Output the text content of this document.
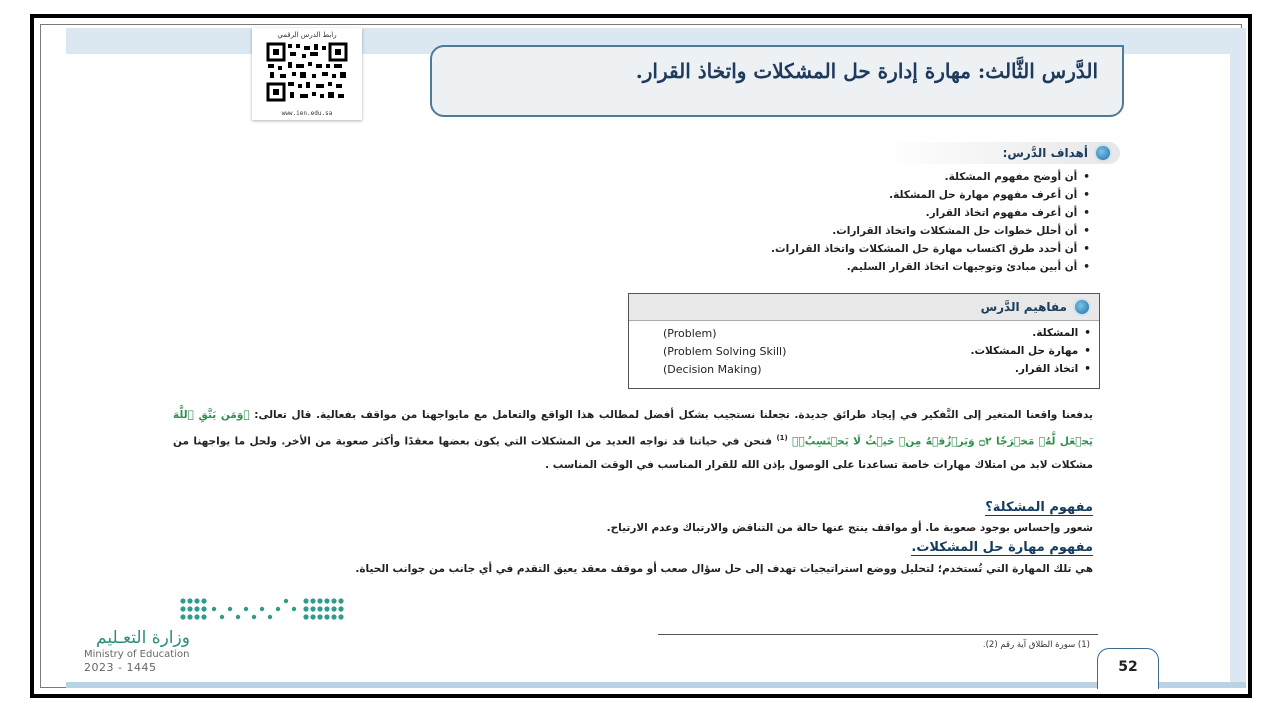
رابط الدرس الرقمي
www.ien.edu.sa
الدَّرس الثَّالث: مهارة إدارة حل المشكلات واتخاذ القرار.
أهداف الدَّرس:
• أن أوضح مفهوم المشكلة.
• أن أعرف مفهوم مهارة حل المشكلة.
• أن أعرف مفهوم اتخاذ القرار.
• أن أحلل خطوات حل المشكلات واتخاذ القرارات.
• أن أحدد طرق اكتساب مهارة حل المشكلات واتخاذ القرارات.
• أن أبين مبادئ وتوجيهات اتخاذ القرار السليم.
مفاهيم الدَّرس
• المشكلة.
(Problem)
• مهارة حل المشكلات.
(Problem Solving Skill)
• اتخاذ القرار.
(Decision Making)
يدفعنا واقعنا المتغير إلى التَّفكير في إيجاد طرائق جديدة. تجعلنا نستجيب بشكل أفضل لمطالب هذا الواقع والتعامل مع مايواجهنا من مواقف بفعالية. قال تعالى: ﴿وَمَن يَتَّقِ ٱللَّهَ يَجۡعَل لَّهُۥ مَخۡرَجٗا ۝٢ وَيَرۡزُقۡهُ مِنۡ حَيۡثُ لَا يَحۡتَسِبُۚ﴾ $^{(1)}$ فنحن في حياتنا قد نواجه العديد من المشكلات التي يكون بعضها معقدًا وأكثر صعوبة من الأخر. ولحل ما يواجهنا من مشكلات لابد من امتلاك مهارات خاصة تساعدنا على الوصول بإذن الله للقرار المناسب في الوقت المناسب .
مفهوم المشكلة؟
شعور وإحساس بوجود صعوبة ما. أو مواقف ينتج عنها حالة من التناقض والارتباك وعدم الارتياح.
مفهوم مهارة حل المشكلات.
هي تلك المهارة التي تُستخدم؛ لتحليل ووضع استراتيجيات تهدف إلى حل سؤال صعب أو موقف معقد يعيق التقدم في أي جانب من جوانب الحياة.
وزارة التعـليم
Ministry of Education
2023 - 1445
(1) سورة الطلاق آية رقم (2).
52
